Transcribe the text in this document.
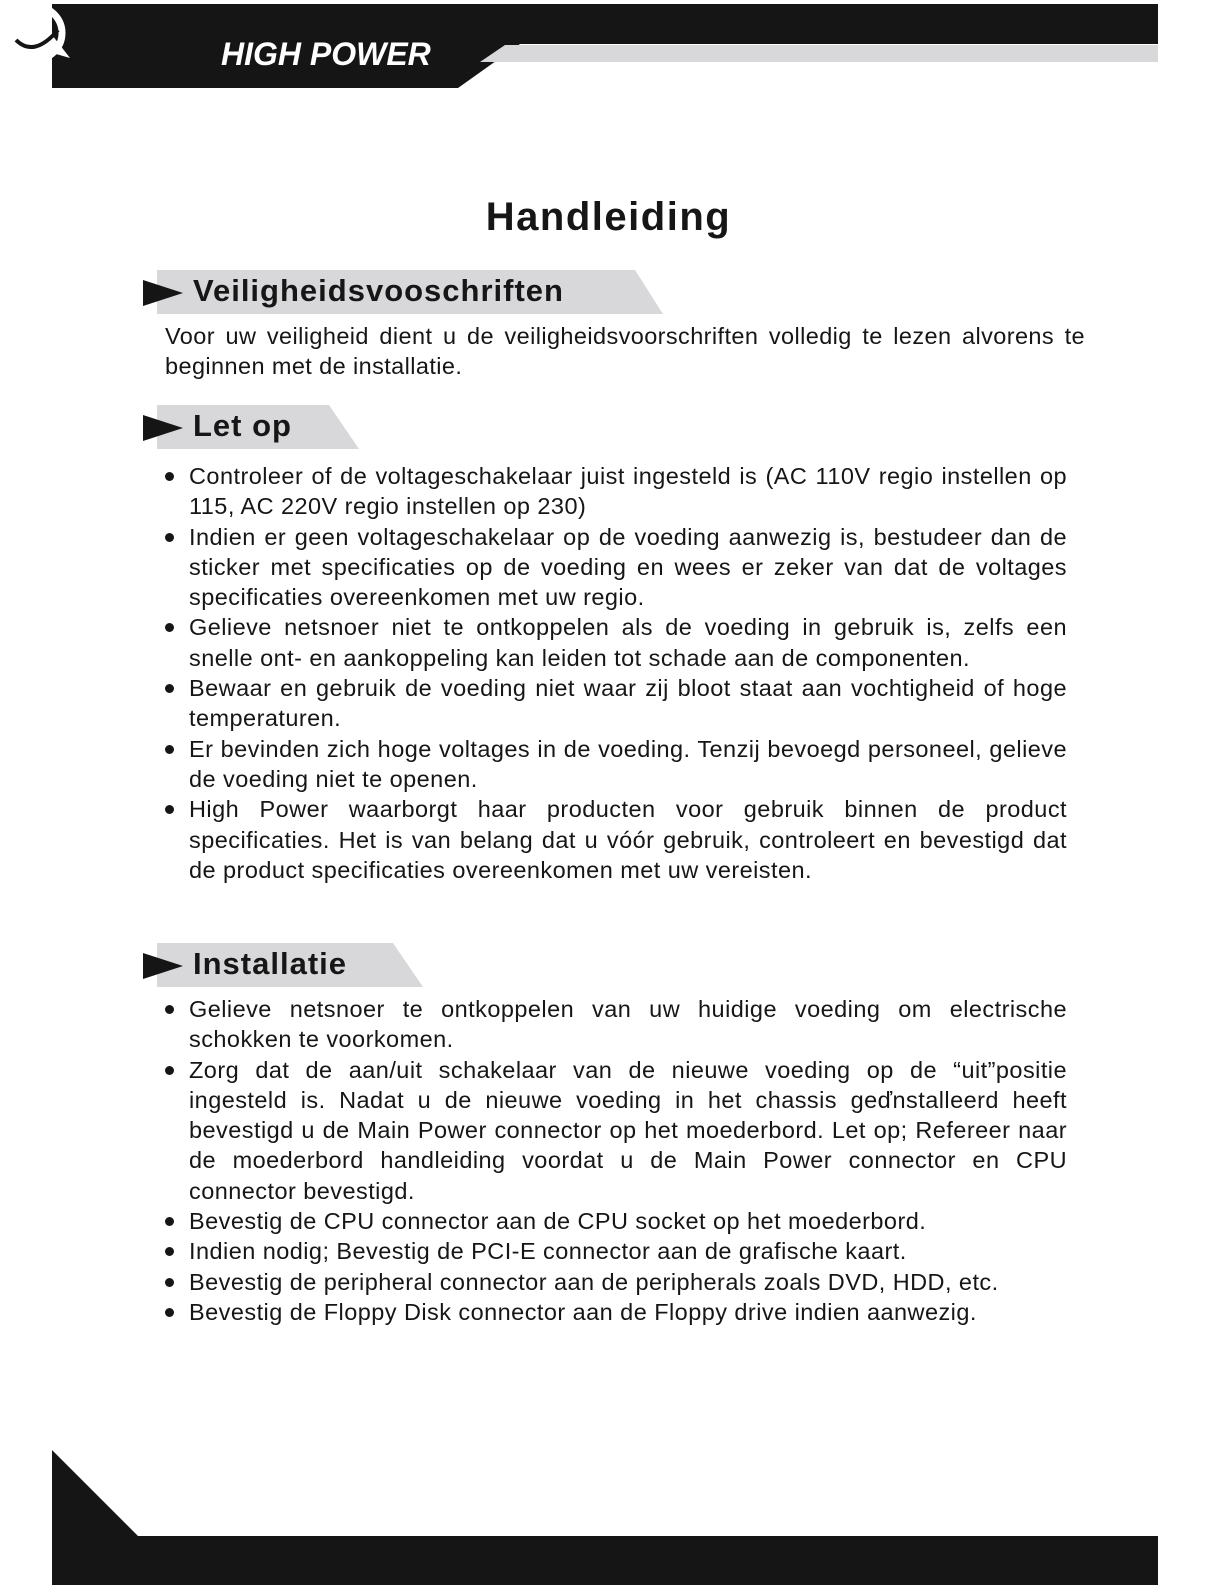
HIGH POWER
Handleiding
Veiligheidsvooschriften

Voor uw veiligheid dient u de veiligheidsvoorschriften volledig te lezen alvorens te beginnen met de installatie.

Let op
Controleer of de voltageschakelaar juist ingesteld is (AC 110V regio instellen op 115, AC 220V regio instellen op 230)
Indien er geen voltageschakelaar op de voeding aanwezig is, bestudeer dan de sticker met specificaties op de voeding en wees er zeker van dat de voltages specificaties overeenkomen met uw regio.
Gelieve netsnoer niet te ontkoppelen als de voeding in gebruik is, zelfs een snelle ont- en aankoppeling kan leiden tot schade aan de componenten.
Bewaar en gebruik de voeding niet waar zij bloot staat aan vochtigheid of hoge temperaturen.
Er bevinden zich hoge voltages in de voeding. Tenzij bevoegd personeel, gelieve de voeding niet te openen.
High Power waarborgt haar producten voor gebruik binnen de product specificaties. Het is van belang dat u vóór gebruik, controleert en bevestigd dat de product specificaties overeenkomen met uw vereisten.
Installatie
Gelieve netsnoer te ontkoppelen van uw huidige voeding om electrische schokken te voorkomen.
Zorg dat de aan/uit schakelaar van de nieuwe voeding op de “uit”positie ingesteld is. Nadat u de nieuwe voeding in het chassis geďnstalleerd heeft bevestigd u de Main Power connector op het moederbord. Let op; Refereer naar de moederbord handleiding voordat u de Main Power connector en CPU connector bevestigd.
Bevestig de CPU connector aan de CPU socket op het moederbord.
Indien nodig; Bevestig de PCI-E connector aan de grafische kaart.
Bevestig de peripheral connector aan de peripherals zoals DVD, HDD, etc.
Bevestig de Floppy Disk connector aan de Floppy drive indien aanwezig.
